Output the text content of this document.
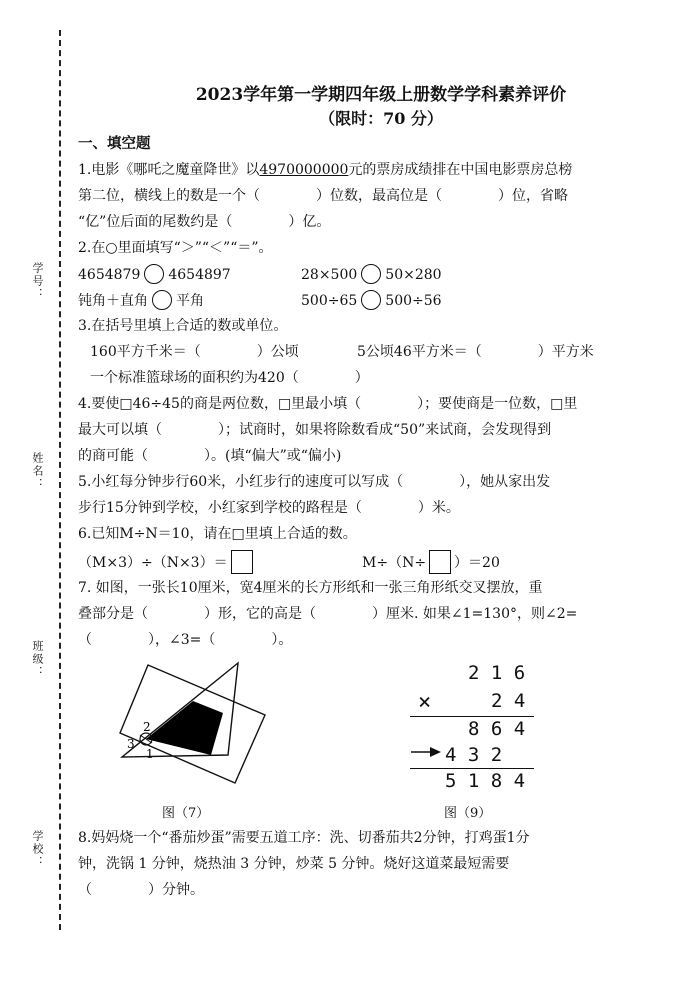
学号：
姓名：
班级：
学校：
2023学年第一学期四年级上册数学学科素养评价
（限时：70 分）
一、填空题
1.电影《哪吒之魔童降世》以4970000000元的票房成绩排在中国电影票房总榜
第二位，横线上的数是一个（　　　　）位数，最高位是（　　　　）位，省略
“亿”位后面的尾数约是（　　　　）亿。
2.在○里面填写“＞”“＜”“＝”。
4654879 4654897	28×500 50×280
钝角＋直角 平角	500÷65 500÷56
3.在括号里填上合适的数或单位。
160平方千米＝（　　　　）公顷	5公顷46平方米＝（　　　　）平方米
一个标准篮球场的面积约为420（　　　　）
4.要使□46÷45的商是两位数，□里最小填（　　　　）；要使商是一位数，□里
最大可以填（　　　　）；试商时，如果将除数看成“50”来试商，会发现得到
的商可能（　　　　）。(填“偏大”或“偏小)
5.小红每分钟步行60米，小红步行的速度可以写成（　　　　），她从家出发
步行15分钟到学校，小红家到学校的路程是（　　　　）米。
6.已知M÷N＝10，请在□里填上合适的数。
（M×3）÷（N×3）＝	M÷（N÷ ）＝20
7. 如图，一张长10厘米，宽4厘米的长方形纸和一张三角形纸交叉摆放，重
叠部分是（　　　　）形，它的高是（　　　　）厘米. 如果∠1=130°，则∠2=
（　　　　），∠3=（　　　　）。
2
3
1
图（7）
2 1 6
×	2 4
8 6 4
4 3 2
5 1 8 4
图（9）
8.妈妈烧一个“番茄炒蛋”需要五道工序：洗、切番茄共2分钟，打鸡蛋1分
钟，洗锅 1 分钟，烧热油 3 分钟，炒菜 5 分钟。烧好这道菜最短需要
（　　　　）分钟。
